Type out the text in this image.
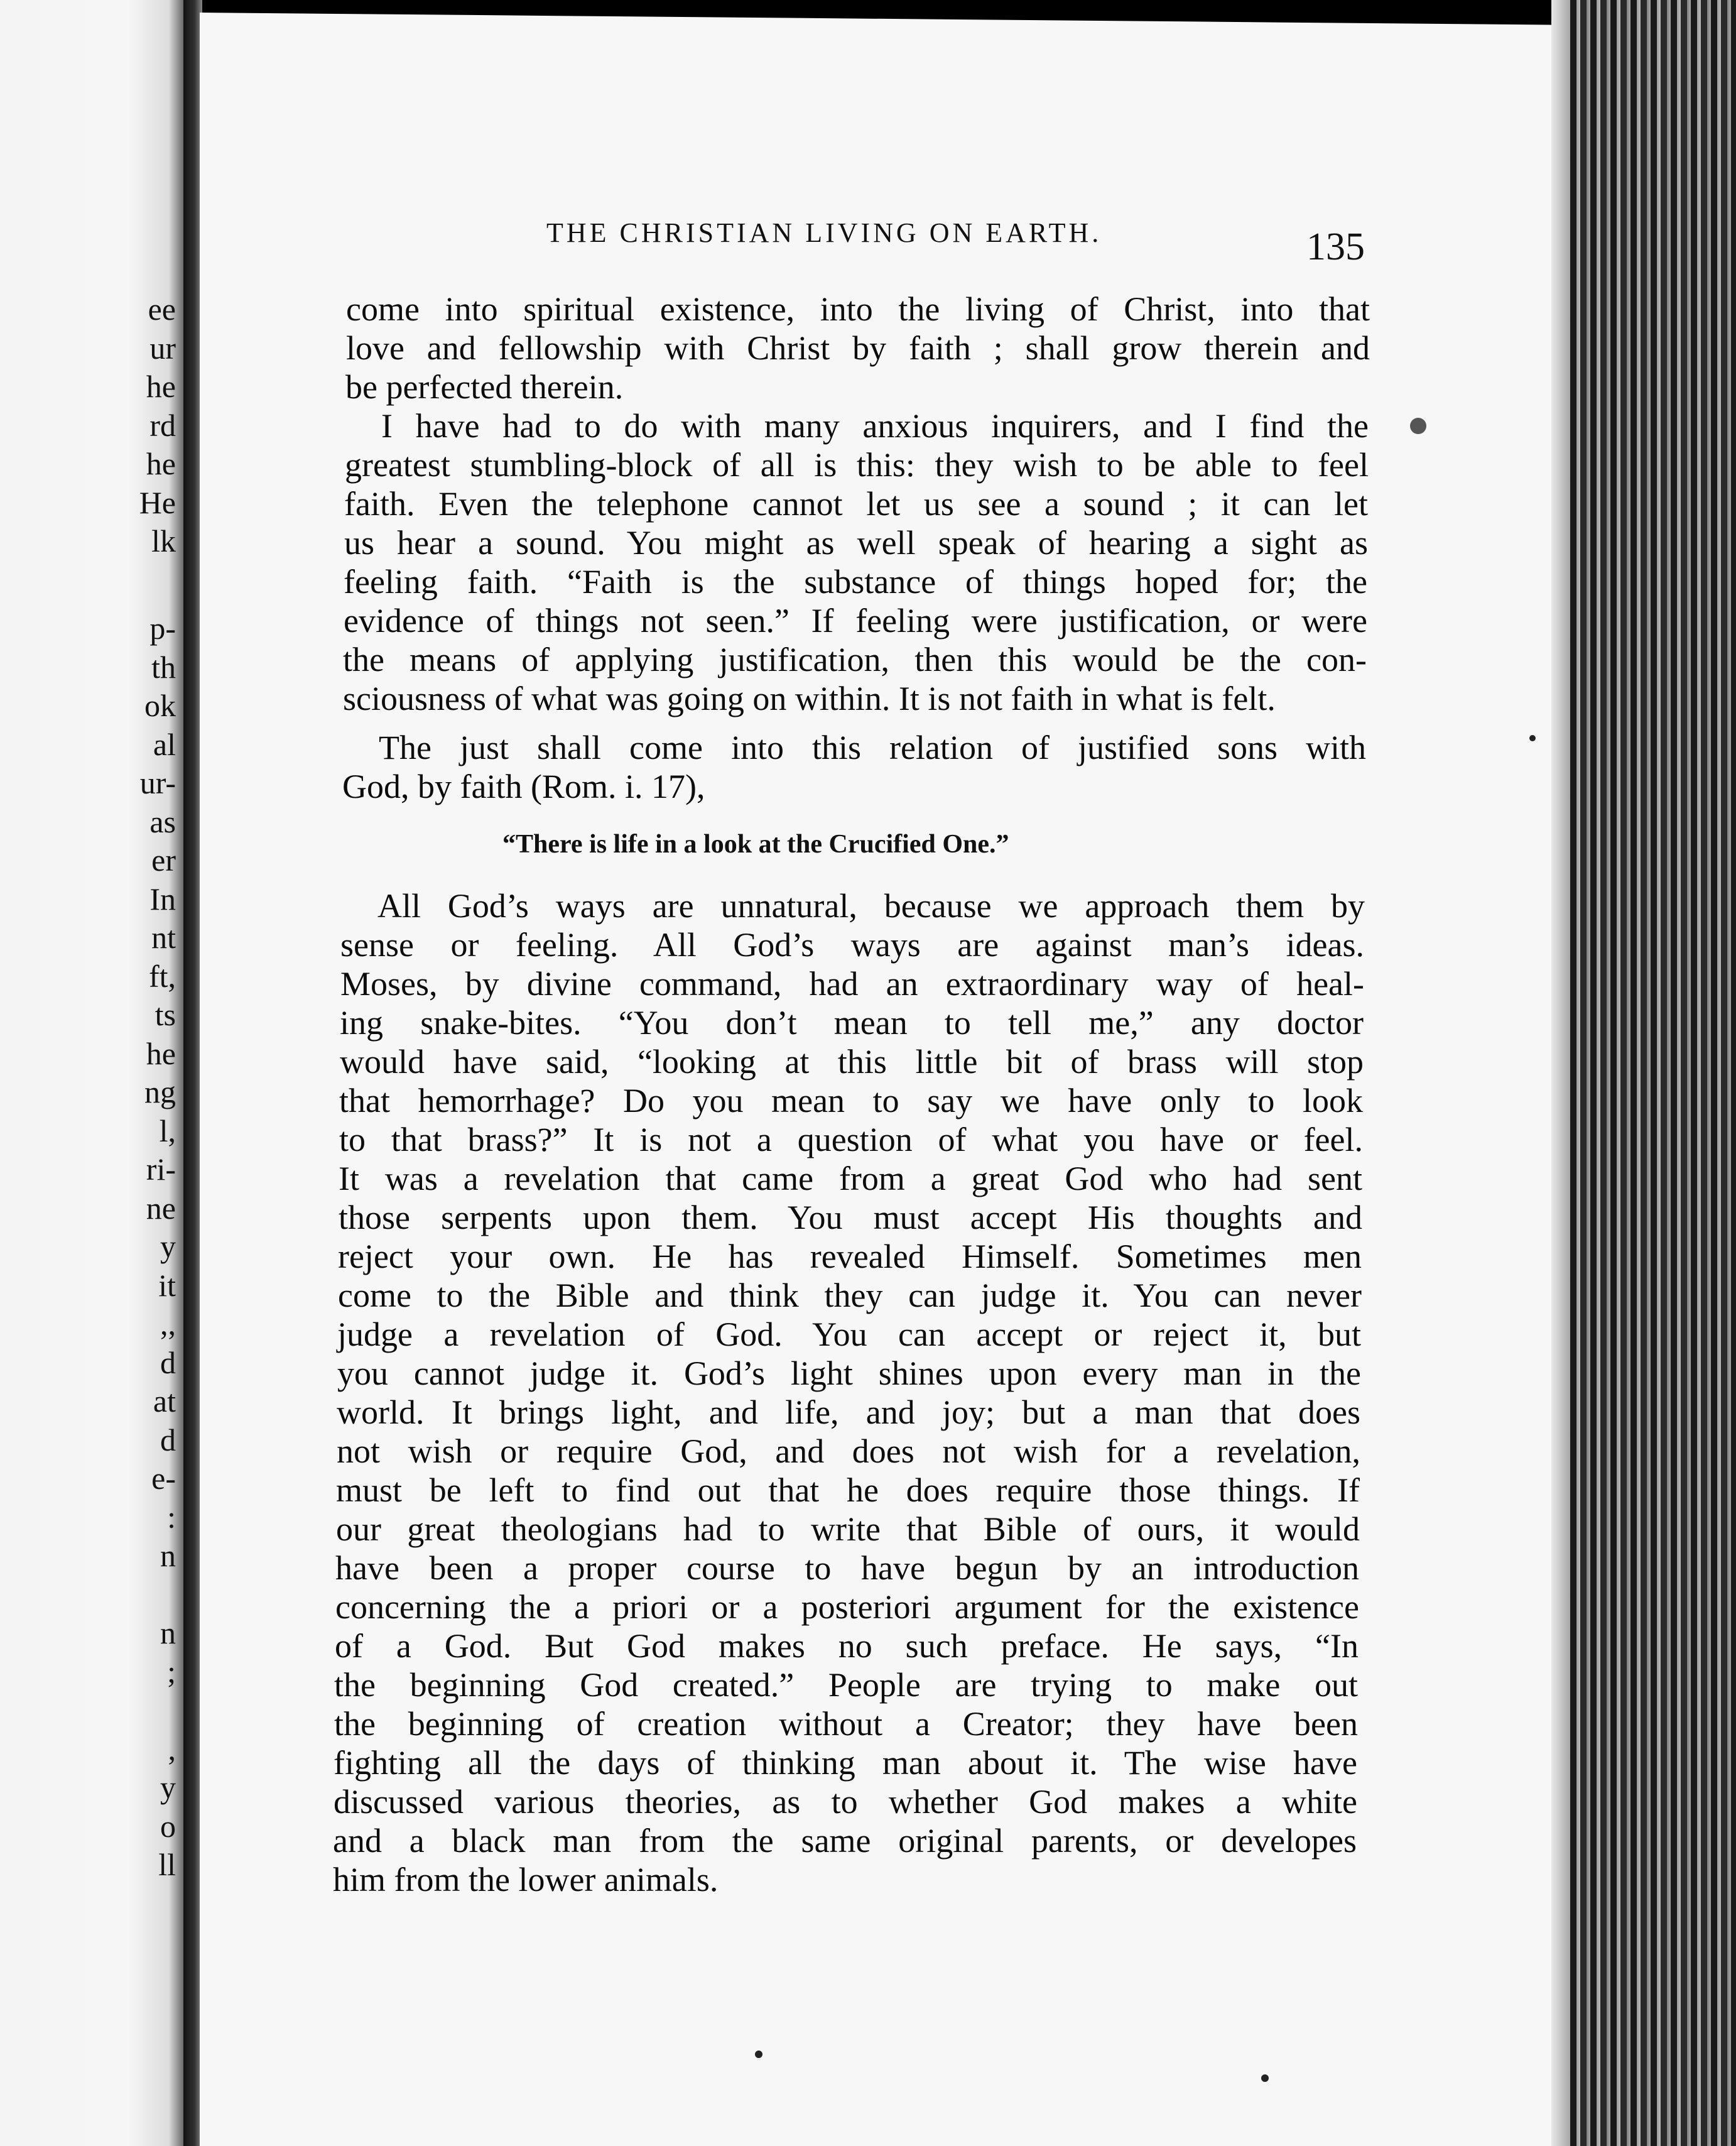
ee
ur
he
rd
he
He
lk
p-
th
ok
al
ur-
as
er
In
nt
ft,
ts
he
ng
l,
ri-
ne
y
it
,,
d
at
d
e-
:
n
n
;
,
y
o
ll
THE CHRISTIAN LIVING ON EARTH.	135
come into spiritual existence, into the living of Christ, into that
love and fellowship with Christ by faith ; shall grow therein and
be perfected therein.
I have had to do with many anxious inquirers, and I find the
greatest stumbling-block of all is this: they wish to be able to feel
faith. Even the telephone cannot let us see a sound ; it can let
us hear a sound. You might as well speak of hearing a sight as
feeling faith. “Faith is the substance of things hoped for; the
evidence of things not seen.” If feeling were justification, or were
the means of applying justification, then this would be the con-
sciousness of what was going on within. It is not faith in what is felt.
The just shall come into this relation of justified sons with
God, by faith (Rom. i. 17),
All God’s ways are unnatural, because we approach them by
sense or feeling. All God’s ways are against man’s ideas.
Moses, by divine command, had an extraordinary way of heal-
ing snake-bites. “You don’t mean to tell me,” any doctor
would have said, “looking at this little bit of brass will stop
that hemorrhage? Do you mean to say we have only to look
to that brass?” It is not a question of what you have or feel.
It was a revelation that came from a great God who had sent
those serpents upon them. You must accept His thoughts and
reject your own. He has revealed Himself. Sometimes men
come to the Bible and think they can judge it. You can never
judge a revelation of God. You can accept or reject it, but
you cannot judge it. God’s light shines upon every man in the
world. It brings light, and life, and joy; but a man that does
not wish or require God, and does not wish for a revelation,
must be left to find out that he does require those things. If
our great theologians had to write that Bible of ours, it would
have been a proper course to have begun by an introduction
concerning the a priori or a posteriori argument for the existence
of a God. But God makes no such preface. He says, “In
the beginning God created.” People are trying to make out
the beginning of creation without a Creator; they have been
fighting all the days of thinking man about it. The wise have
discussed various theories, as to whether God makes a white
and a black man from the same original parents, or developes
him from the lower animals.
“There is life in a look at the Crucified One.”
